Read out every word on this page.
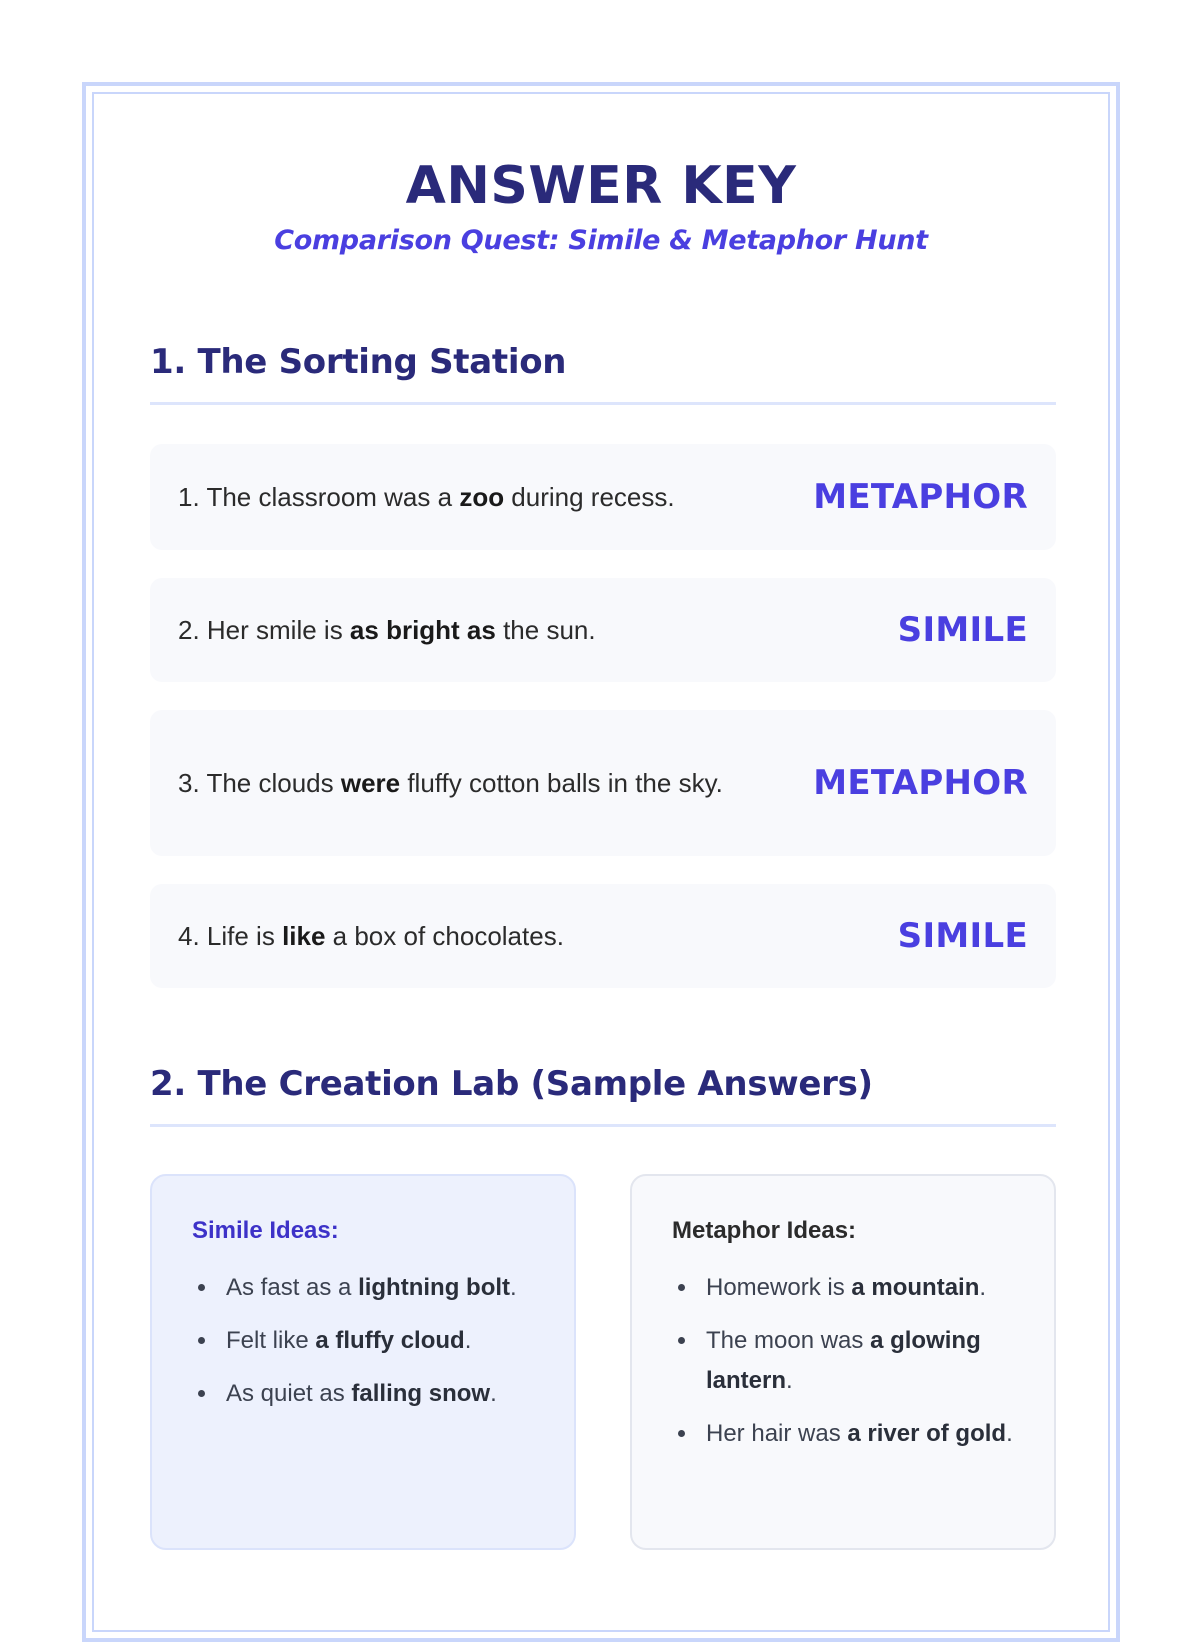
ANSWER KEY
Comparison Quest: Simile & Metaphor Hunt
1. The Sorting Station
1. The classroom was a zoo during recess.	METAPHOR
2. Her smile is as bright as the sun.	SIMILE
3. The clouds were fluffy cotton balls in the sky.	METAPHOR
4. Life is like a box of chocolates.	SIMILE
2. The Creation Lab (Sample Answers)
Simile Ideas:
As fast as a lightning bolt.
Felt like a fluffy cloud.
As quiet as falling snow.
Metaphor Ideas:
Homework is a mountain.
The moon was a glowing lantern.
Her hair was a river of gold.
